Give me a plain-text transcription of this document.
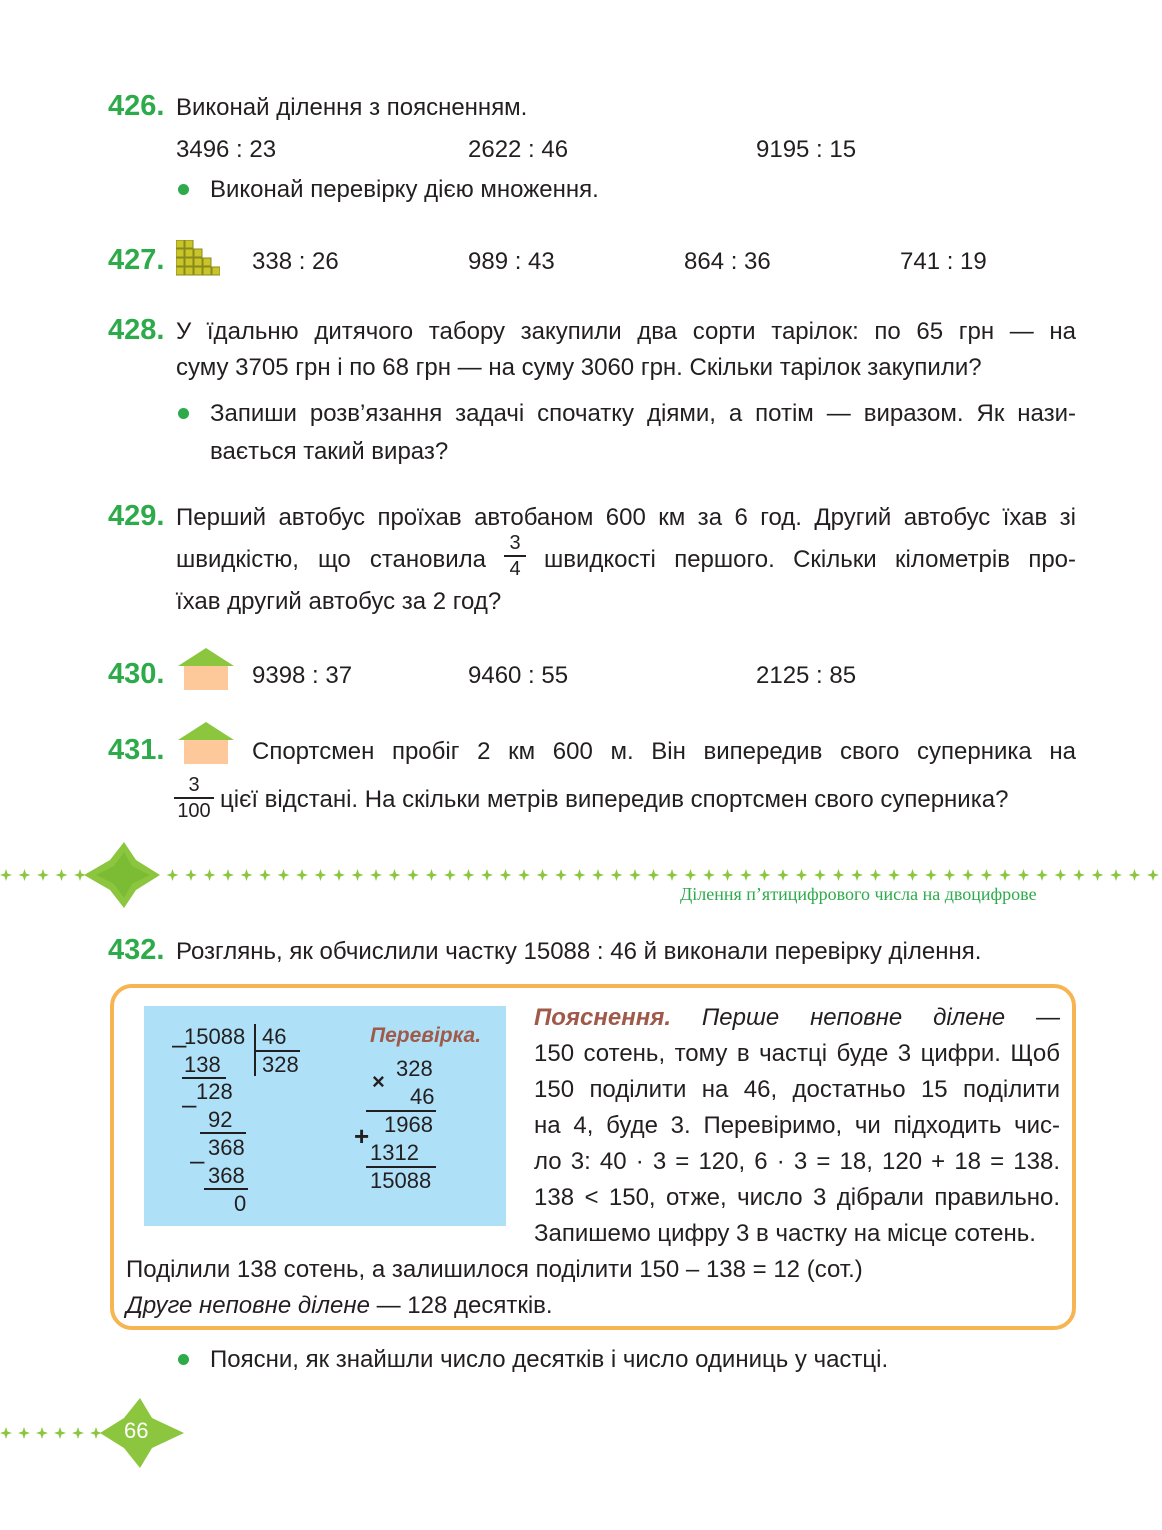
426. Виконай ділення з поясненням.
3496 : 23	2622 : 46	9195 : 15
Виконай перевірку дією множення.
427.	338 : 26	989 : 43	864 : 36	741 : 19
428. У їдальню дитячого табору закупили два сорти тарілок: по 65 грн — на
суму 3705 грн і по 68 грн — на суму 3060 грн. Скільки тарілок закупили?
Запиши розв’язання задачі спочатку діями, а потім — виразом. Як нази-
вається такий вираз?
429. Перший автобус проїхав автобаном 600 км за 6 год. Другий автобус їхав зі
швидкістю, що становила
3
4 швидкості першого. Скільки кілометрів про-
їхав другий автобус за 2 год?
430.	9398 : 37	9460 : 55	2125 : 85
431.	Спортсмен пробіг 2 км 600 м. Він випередив свого суперника на
3
100 цієї відстані. На скільки метрів випередив спортсмен свого суперника?
Ділення п’ятицифрового числа на двоцифрове
432. Розглянь, як обчислили частку 15088 : 46 й виконали перевірку ділення.
15088 46
328
–
138
128
–
92
368
–
368
0
Перевірка.
328
×
46
1968
+
1312
15088
Пояснення. Перше неповне ділене —
150 сотень, тому в частці буде 3 цифри. Щоб
150 поділити на 46, достатньо 15 поділити
на 4, буде 3. Перевіримо, чи підходить чис-
ло 3: 40 · 3 = 120, 6 · 3 = 18, 120 + 18 = 138.
138 < 150, отже, число 3 дібрали правильно.
Запишемо цифру 3 в частку на місце сотень.
Поділили 138 сотень, а залишилося поділити 150 – 138 = 12 (сот.)
Друге неповне ділене — 128 десятків.
Поясни, як знайшли число десятків і число одиниць у частці.
66
